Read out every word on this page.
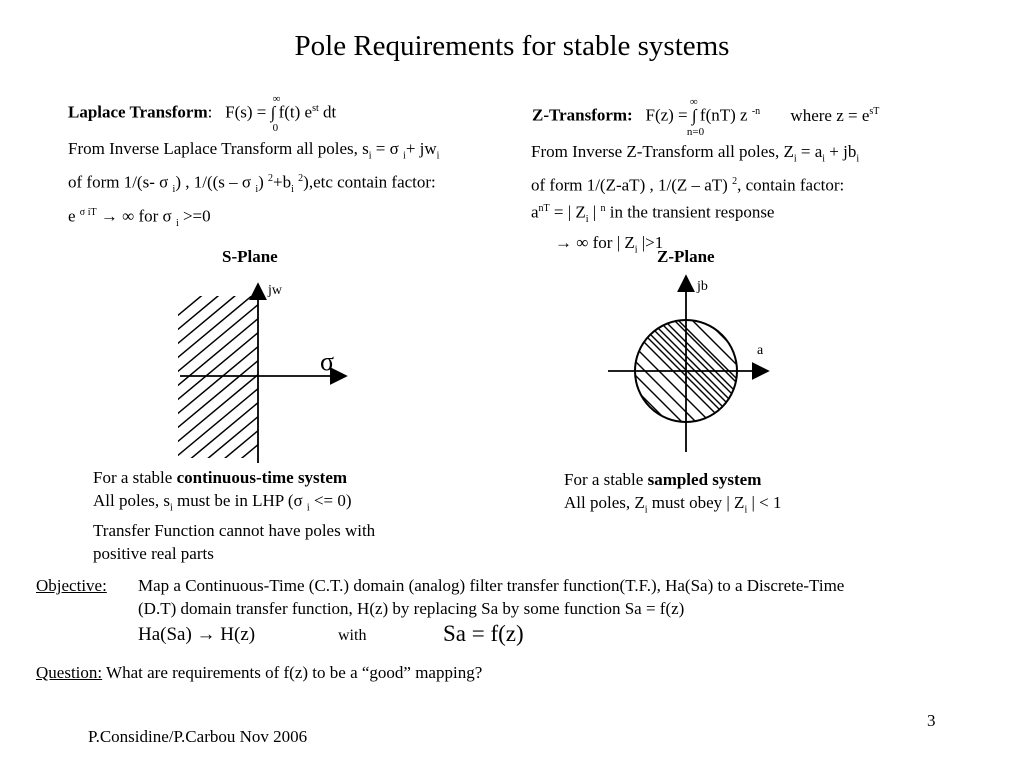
Pole Requirements for stable systems
Laplace Transform: F(s) = ∫
∞
0
f(t) $e^{st}$ dt
From Inverse Laplace Transform all poles, $s_i = \sigma$ $_i+ jw_i$
of form 1/(s- σ $_i$) , 1/((s – σ $_i$) $^2+b_i$ $^2$),etc contain factor:
e $^{\sigma iT}$ → ∞ for σ $_i$ >=0
Z-Transform: F(z) = ∫
∞
n=0
f(nT) z $^{-n}$ where $z = e^{sT}$
From Inverse Z-Transform all poles, $Z_i = a_i + jb_i$
of form 1/(Z-aT) , 1/(Z – aT) $^2$, contain factor:
$a^{nT}$ = | $Z_i$ | $^n$ in the transient response
→ ∞ for | $Z_i$ |>1
S-Plane
jw
σ
For a stable continuous-time system
All poles, $s_i$ must be in LHP (σ $_i$ <= 0)
Transfer Function cannot have poles with
positive real parts
Z-Plane
jb
a
For a stable sampled system
All poles, $Z_i$ must obey | $Z_i$ | < 1
Objective: Map a Continuous-Time (C.T.) domain (analog) filter transfer function(T.F.), Ha(Sa) to a Discrete-Time
(D.T) domain transfer function, H(z) by replacing Sa by some function Sa = f(z)
Ha(Sa) → H(z)	with	Sa = f(z)
Question: What are requirements of f(z) to be a “good” mapping?
3
P.Considine/P.Carbou Nov 2006
